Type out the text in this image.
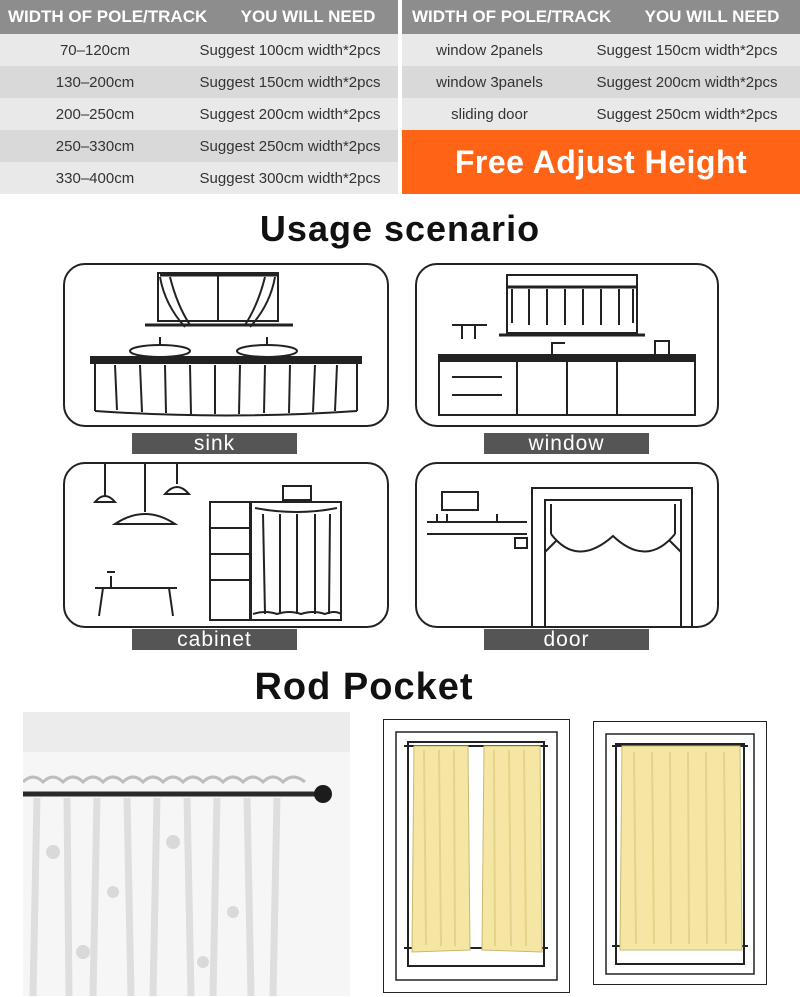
WIDTH OF POLE/TRACK	YOU WILL NEED
70–120cm	Suggest 100cm width*2pcs
130–200cm	Suggest 150cm width*2pcs
200–250cm	Suggest 200cm width*2pcs
250–330cm	Suggest 250cm width*2pcs
330–400cm	Suggest 300cm width*2pcs
WIDTH OF POLE/TRACK	YOU WILL NEED
window 2panels	Suggest 150cm width*2pcs
window 3panels	Suggest 200cm width*2pcs
sliding door	Suggest 250cm width*2pcs
Free Adjust Height
Usage scenario
sink	window
cabinet	door
Rod Pocket
